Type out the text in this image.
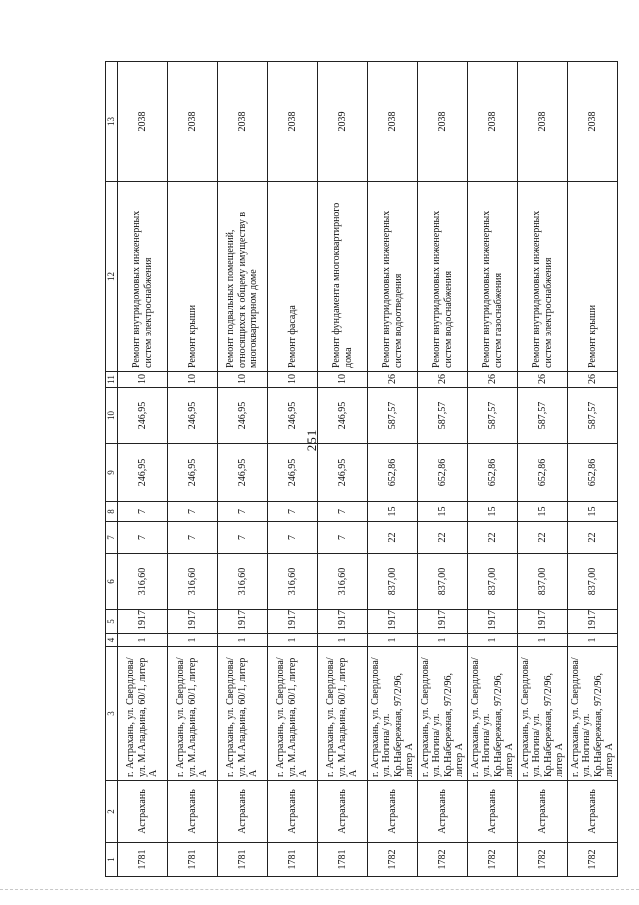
251
1	2	3	4	5	6	7	8	9	10	11	12	13
1781	Астрахань	г. Астрахань, ул. Свердлова/ ул. М.Аладьина, 60/1, литер А	1	1917	316,60	7	7	246,95	246,95	10	Ремонт внутридомовых инженерных систем электроснабжения	2038
1781	Астрахань	г. Астрахань, ул. Свердлова/ ул. М.Аладьина, 60/1, литер А	1	1917	316,60	7	7	246,95	246,95	10	Ремонт крыши	2038
1781	Астрахань	г. Астрахань, ул. Свердлова/ ул. М.Аладьина, 60/1, литер А	1	1917	316,60	7	7	246,95	246,95	10	Ремонт подвальных помещений, относящихся к общему имуществу в многоквартирном доме	2038
1781	Астрахань	г. Астрахань, ул. Свердлова/ ул. М.Аладьина, 60/1, литер А	1	1917	316,60	7	7	246,95	246,95	10	Ремонт фасада	2038
1781	Астрахань	г. Астрахань, ул. Свердлова/ ул. М.Аладьина, 60/1, литер А	1	1917	316,60	7	7	246,95	246,95	10	Ремонт фундамента многоквартирного дома	2039
1782	Астрахань	г. Астрахань, ул. Свердлова/ ул. Ногина/ ул. Кр.Набережная, 97/2/96, литер А	1	1917	837,00	22	15	652,86	587,57	26	Ремонт внутридомовых инженерных систем водоотведения	2038
1782	Астрахань	г. Астрахань, ул. Свердлова/ ул. Ногина/ ул. Кр.Набережная, 97/2/96, литер А	1	1917	837,00	22	15	652,86	587,57	26	Ремонт внутридомовых инженерных систем водоснабжения	2038
1782	Астрахань	г. Астрахань, ул. Свердлова/ ул. Ногина/ ул. Кр.Набережная, 97/2/96, литер А	1	1917	837,00	22	15	652,86	587,57	26	Ремонт внутридомовых инженерных систем газоснабжения	2038
1782	Астрахань	г. Астрахань, ул. Свердлова/ ул. Ногина/ ул. Кр.Набережная, 97/2/96, литер А	1	1917	837,00	22	15	652,86	587,57	26	Ремонт внутридомовых инженерных систем электроснабжения	2038
1782	Астрахань	г. Астрахань, ул. Свердлова/ ул. Ногина/ ул. Кр.Набережная, 97/2/96, литер А	1	1917	837,00	22	15	652,86	587,57	26	Ремонт крыши	2038
